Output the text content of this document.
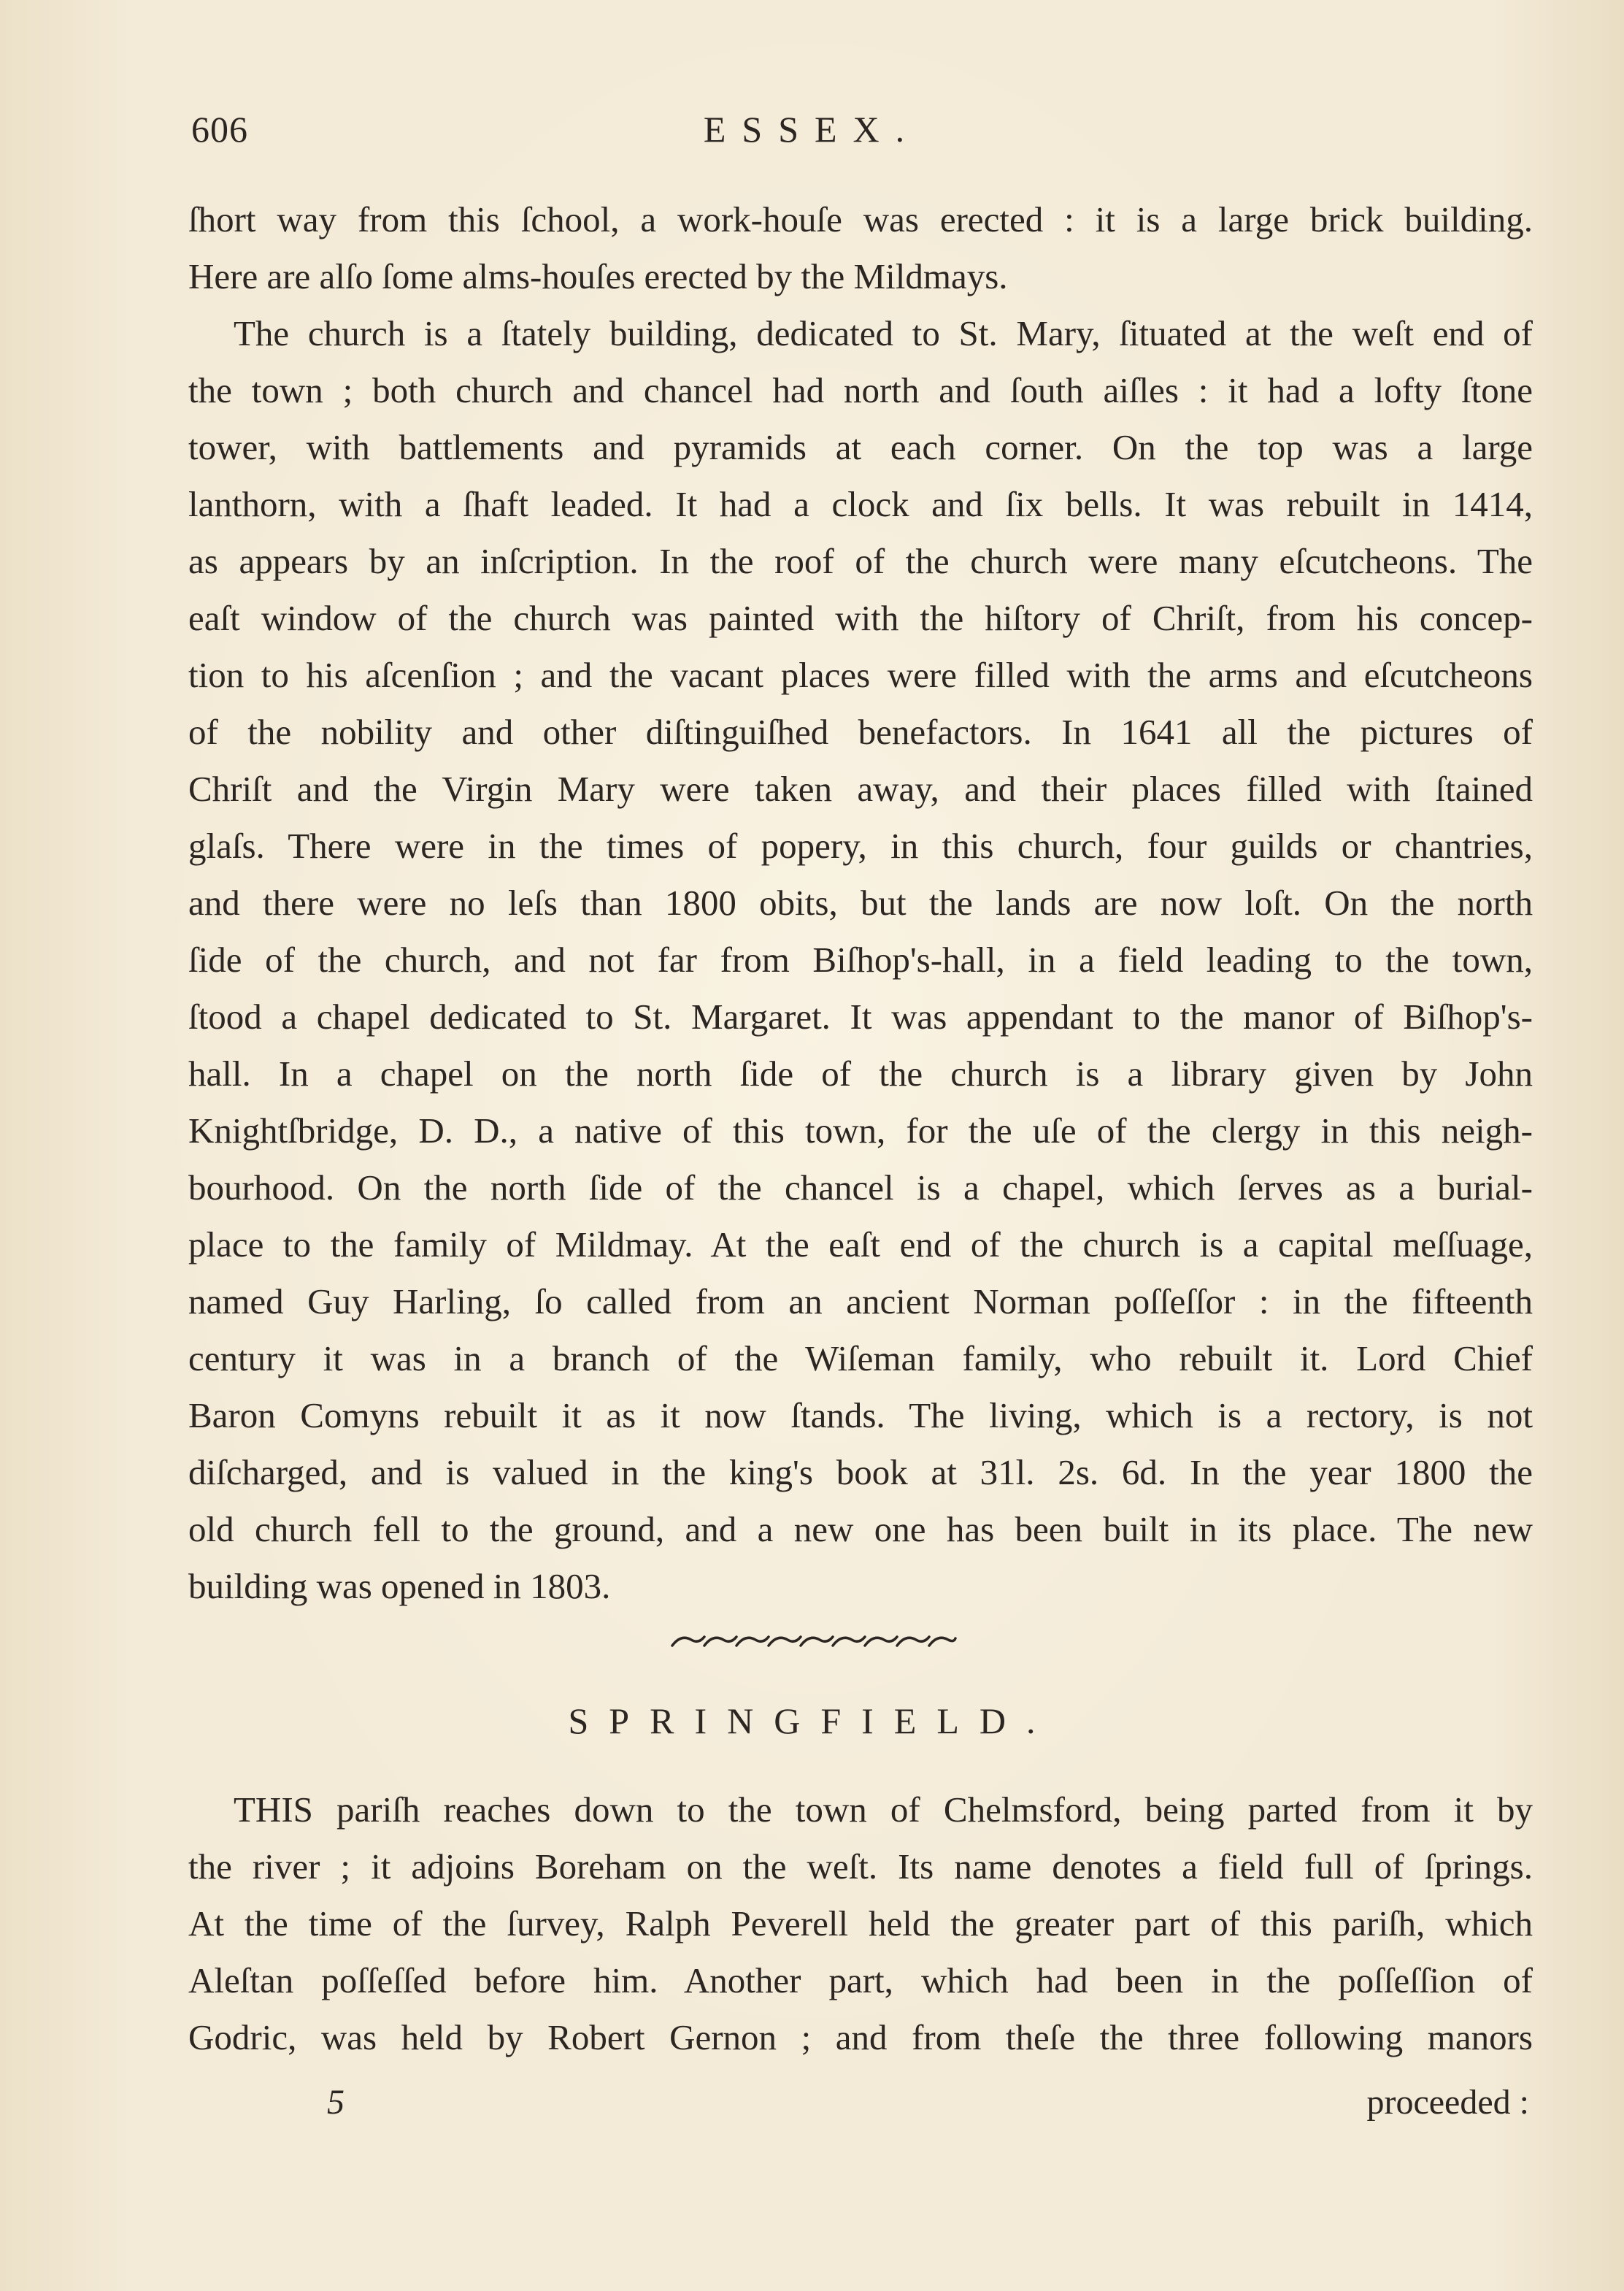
606	ESSEX.
ſhort way from this ſchool, a work-houſe was erected : it is a large brick building.
Here are alſo ſome alms-houſes erected by the Mildmays.
The church is a ſtately building, dedicated to St. Mary, ſituated at the weſt end of
the town ; both church and chancel had north and ſouth aiſles : it had a lofty ſtone
tower, with battlements and pyramids at each corner. On the top was a large
lanthorn, with a ſhaft leaded. It had a clock and ſix bells. It was rebuilt in 1414,
as appears by an inſcription. In the roof of the church were many eſcutcheons. The
eaſt window of the church was painted with the hiſtory of Chriſt, from his concep-
tion to his aſcenſion ; and the vacant places were filled with the arms and eſcutcheons
of the nobility and other diſtinguiſhed benefactors. In 1641 all the pictures of
Chriſt and the Virgin Mary were taken away, and their places filled with ſtained
glaſs. There were in the times of popery, in this church, four guilds or chantries,
and there were no leſs than 1800 obits, but the lands are now loſt. On the north
ſide of the church, and not far from Biſhop's-hall, in a field leading to the town,
ſtood a chapel dedicated to St. Margaret. It was appendant to the manor of Biſhop's-
hall. In a chapel on the north ſide of the church is a library given by John
Knightſbridge, D. D., a native of this town, for the uſe of the clergy in this neigh-
bourhood. On the north ſide of the chancel is a chapel, which ſerves as a burial-
place to the family of Mildmay. At the eaſt end of the church is a capital meſſuage,
named Guy Harling, ſo called from an ancient Norman poſſeſſor : in the fifteenth
century it was in a branch of the Wiſeman family, who rebuilt it. Lord Chief
Baron Comyns rebuilt it as it now ſtands. The living, which is a rectory, is not
diſcharged, and is valued in the king's book at 31l. 2s. 6d. In the year 1800 the
old church fell to the ground, and a new one has been built in its place. The new
building was opened in 1803.
SPRINGFIELD.
THIS pariſh reaches down to the town of Chelmsford, being parted from it by
the river ; it adjoins Boreham on the weſt. Its name denotes a field full of ſprings.
At the time of the ſurvey, Ralph Peverell held the greater part of this pariſh, which
Aleſtan poſſeſſed before him. Another part, which had been in the poſſeſſion of
Godric, was held by Robert Gernon ; and from theſe the three following manors
5	proceeded :
